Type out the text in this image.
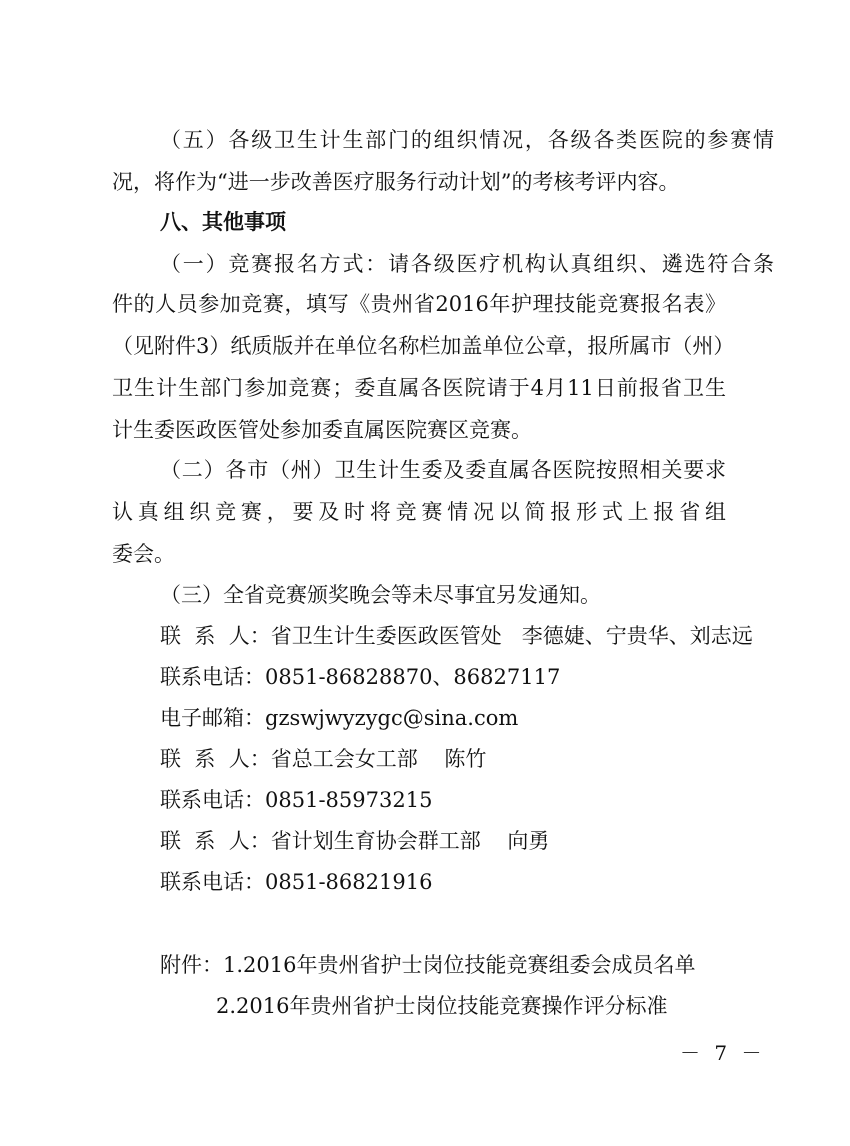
（五）各级卫生计生部门的组织情况，各级各类医院的参赛情
况，将作为“进一步改善医疗服务行动计划”的考核考评内容。
八、其他事项
（一）竞赛报名方式：请各级医疗机构认真组织、遴选符合条
件的人员参加竞赛，填写《贵州省2016年护理技能竞赛报名表》
（见附件3）纸质版并在单位名称栏加盖单位公章，报所属市（州）
卫生计生部门参加竞赛；委直属各医院请于4月11日前报省卫生
计生委医政医管处参加委直属医院赛区竞赛。
（二）各市（州）卫生计生委及委直属各医院按照相关要求
认真组织竞赛，要及时将竞赛情况以简报形式上报省组
委会。
（三）全省竞赛颁奖晚会等未尽事宜另发通知。
联  系  人：省卫生计生委医政医管处   李德婕、宁贵华、刘志远
联系电话：0851-86828870、86827117
电子邮箱：gzswjwyzygc@sina.com
联  系  人：省总工会女工部    陈竹
联系电话：0851-85973215
联  系  人：省计划生育协会群工部    向勇
联系电话：0851-86821916
附件：1.2016年贵州省护士岗位技能竞赛组委会成员名单
2.2016年贵州省护士岗位技能竞赛操作评分标准
－ 7 －
